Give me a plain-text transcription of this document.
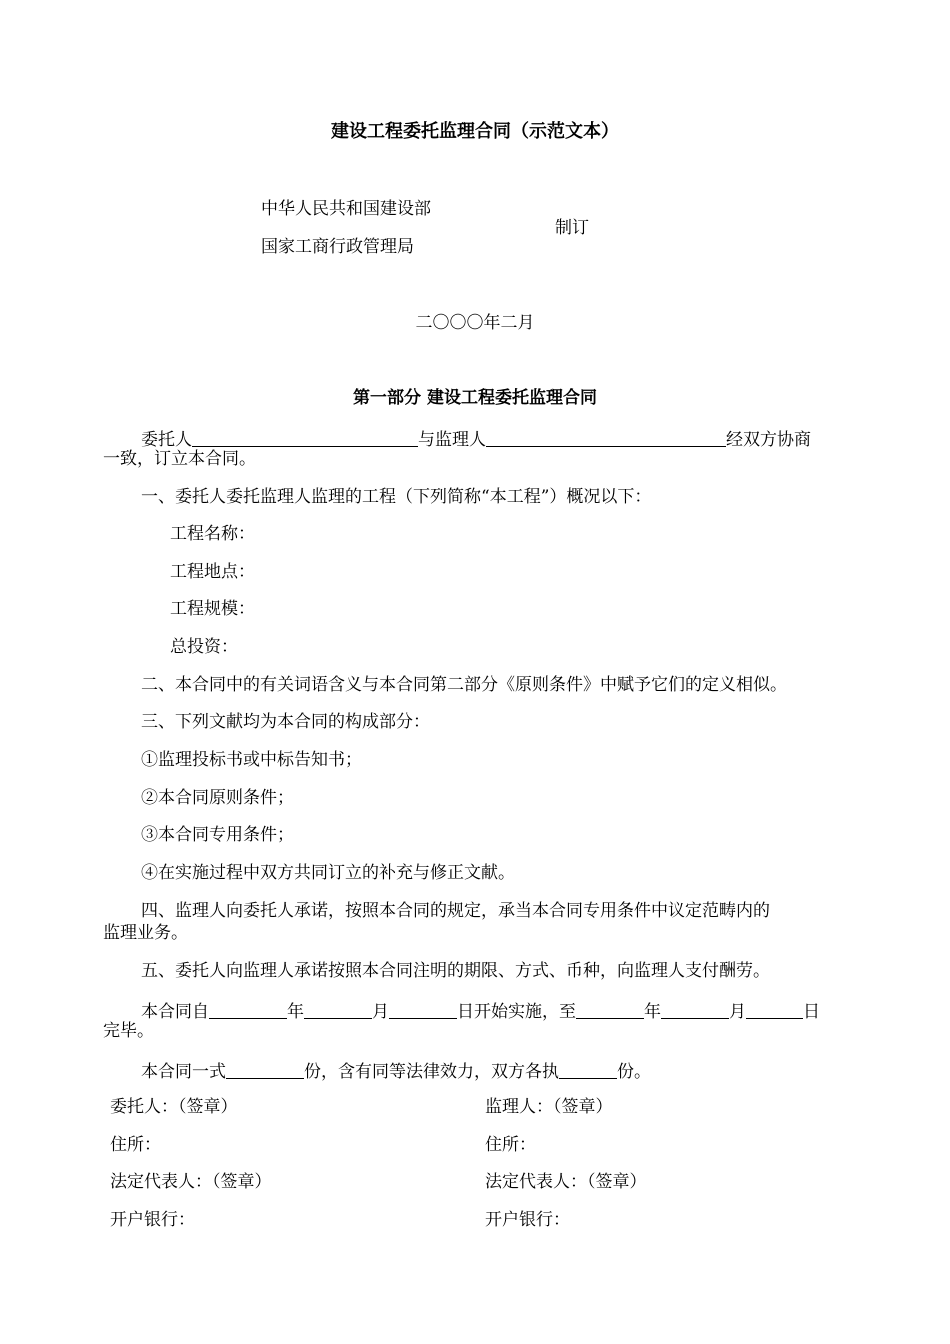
建设工程委托监理合同（示范文本）
中华人民共和国建设部
国家工商行政管理局
制订
二〇〇〇年二月
第一部分 建设工程委托监理合同
委托人	与监理人	经双方协商
一致，订立本合同。
一、委托人委托监理人监理的工程（下列简称“本工程”）概况以下：
工程名称：
工程地点：
工程规模：
总投资：
二、本合同中的有关词语含义与本合同第二部分《原则条件》中赋予它们的定义相似。
三、下列文献均为本合同的构成部分：
①监理投标书或中标告知书；
②本合同原则条件；
③本合同专用条件；
④在实施过程中双方共同订立的补充与修正文献。
四、监理人向委托人承诺，按照本合同的规定，承当本合同专用条件中议定范畴内的
监理业务。
五、委托人向监理人承诺按照本合同注明的期限、方式、币种，向监理人支付酬劳。
本合同自	年	月	日开始实施，至	年	月	日
完毕。
本合同一式	份，含有同等法律效力，双方各执	份。
委托人：（签章）	监理人：（签章）
住所：	住所：
法定代表人：（签章）	法定代表人：（签章）
开户银行：	开户银行：
